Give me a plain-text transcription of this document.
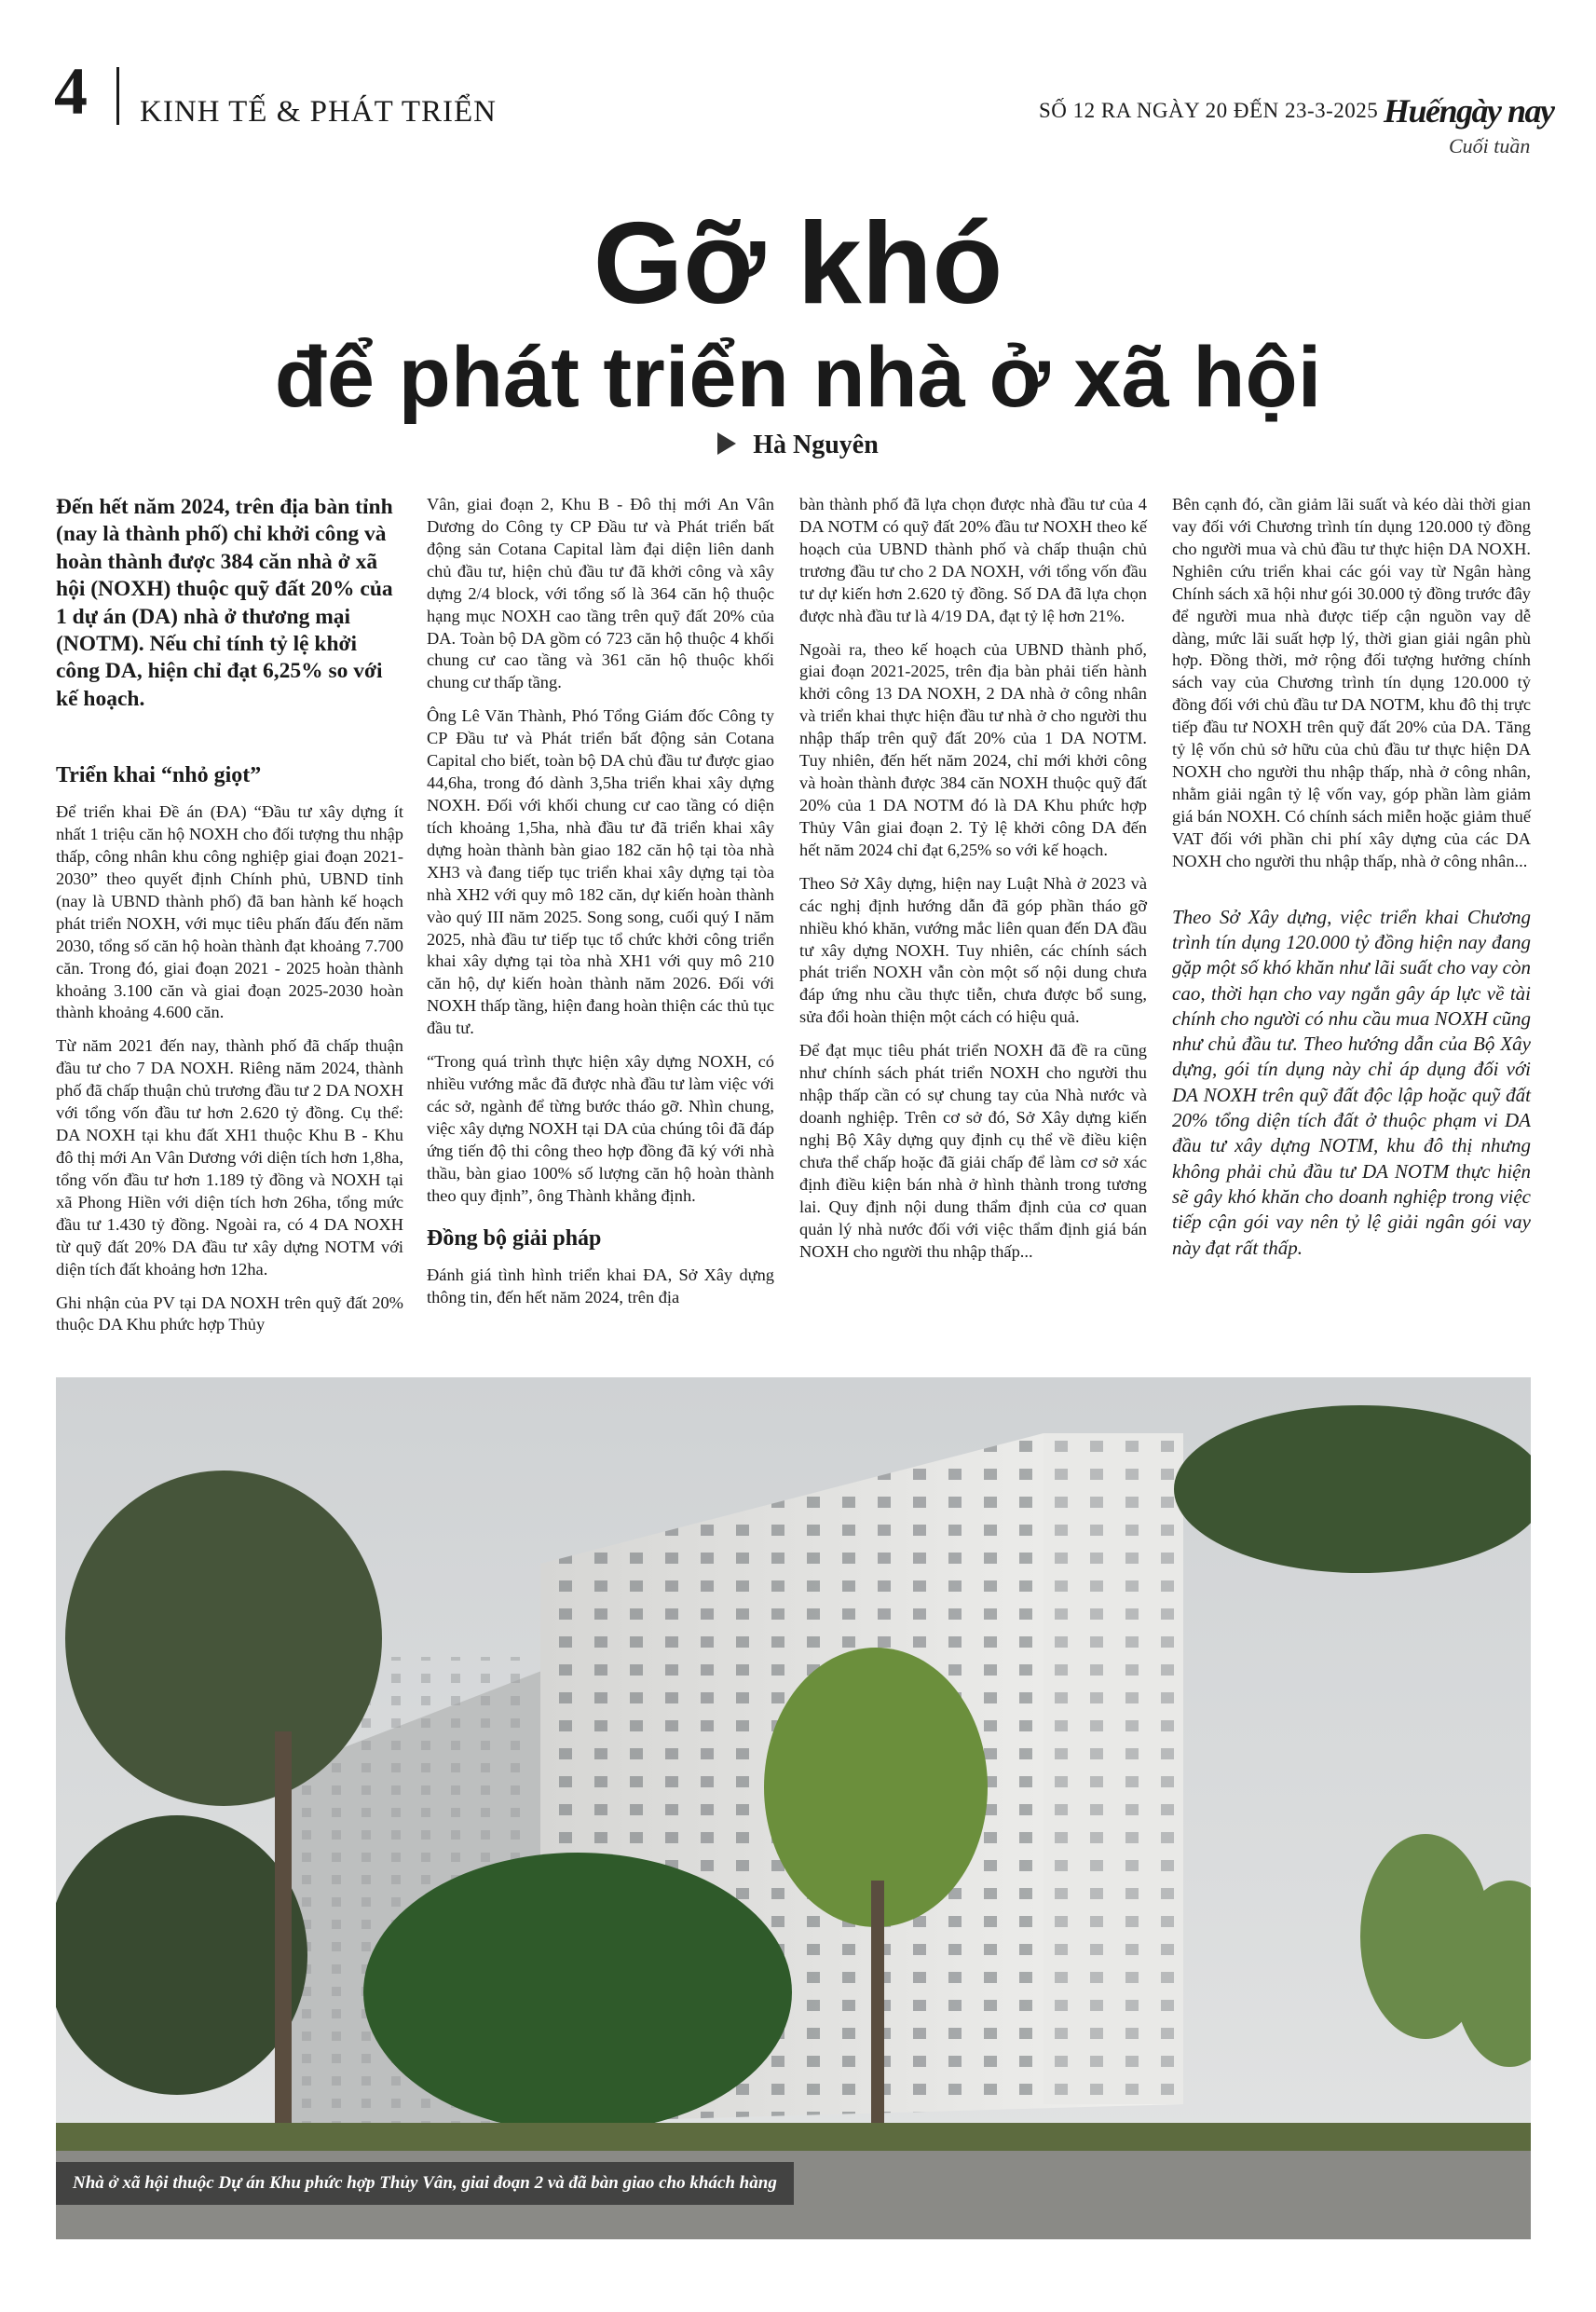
4 KINH TẾ & PHÁT TRIỂN	SỐ 12 RA NGÀY 20 ĐẾN 23-3-2025 Huếngày nay
Cuối tuần
Gỡ khó
để phát triển nhà ở xã hội
Hà Nguyên

Đến hết năm 2024, trên địa bàn tỉnh (nay là thành phố) chỉ khởi công và hoàn thành được 384 căn nhà ở xã hội (NOXH) thuộc quỹ đất 20% của 1 dự án (DA) nhà ở thương mại (NOTM). Nếu chỉ tính tỷ lệ khởi công DA, hiện chỉ đạt 6,25% so với kế hoạch.

Triển khai “nhỏ giọt”

Để triển khai Đề án (ĐA) “Đầu tư xây dựng ít nhất 1 triệu căn hộ NOXH cho đối tượng thu nhập thấp, công nhân khu công nghiệp giai đoạn 2021-2030” theo quyết định Chính phủ, UBND tỉnh (nay là UBND thành phố) đã ban hành kế hoạch phát triển NOXH, với mục tiêu phấn đấu đến năm 2030, tổng số căn hộ hoàn thành đạt khoảng 7.700 căn. Trong đó, giai đoạn 2021 - 2025 hoàn thành khoảng 3.100 căn và giai đoạn 2025-2030 hoàn thành khoảng 4.600 căn.

Từ năm 2021 đến nay, thành phố đã chấp thuận đầu tư cho 7 DA NOXH. Riêng năm 2024, thành phố đã chấp thuận chủ trương đầu tư 2 DA NOXH với tổng vốn đầu tư hơn 2.620 tỷ đồng. Cụ thể: DA NOXH tại khu đất XH1 thuộc Khu B - Khu đô thị mới An Vân Dương với diện tích hơn 1,8ha, tổng vốn đầu tư hơn 1.189 tỷ đồng và NOXH tại xã Phong Hiền với diện tích hơn 26ha, tổng mức đầu tư 1.430 tỷ đồng. Ngoài ra, có 4 DA NOXH từ quỹ đất 20% DA đầu tư xây dựng NOTM với diện tích đất khoảng hơn 12ha.

Ghi nhận của PV tại DA NOXH trên quỹ đất 20% thuộc DA Khu phức hợp Thủy

Vân, giai đoạn 2, Khu B - Đô thị mới An Vân Dương do Công ty CP Đầu tư và Phát triển bất động sản Cotana Capital làm đại diện liên danh chủ đầu tư, hiện chủ đầu tư đã khởi công và xây dựng 2/4 block, với tổng số là 364 căn hộ thuộc hạng mục NOXH cao tầng trên quỹ đất 20% của DA. Toàn bộ DA gồm có 723 căn hộ thuộc 4 khối chung cư cao tầng và 361 căn hộ thuộc khối chung cư thấp tầng.

Ông Lê Văn Thành, Phó Tổng Giám đốc Công ty CP Đầu tư và Phát triển bất động sản Cotana Capital cho biết, toàn bộ DA chủ đầu tư được giao 44,6ha, trong đó dành 3,5ha triển khai xây dựng NOXH. Đối với khối chung cư cao tầng có diện tích khoảng 1,5ha, nhà đầu tư đã triển khai xây dựng hoàn thành bàn giao 182 căn hộ tại tòa nhà XH3 và đang tiếp tục triển khai xây dựng tại tòa nhà XH2 với quy mô 182 căn, dự kiến hoàn thành vào quý III năm 2025. Song song, cuối quý I năm 2025, nhà đầu tư tiếp tục tổ chức khởi công triển khai xây dựng tại tòa nhà XH1 với quy mô 210 căn hộ, dự kiến hoàn thành năm 2026. Đối với NOXH thấp tầng, hiện đang hoàn thiện các thủ tục đầu tư.

“Trong quá trình thực hiện xây dựng NOXH, có nhiều vướng mắc đã được nhà đầu tư làm việc với các sở, ngành để từng bước tháo gỡ. Nhìn chung, việc xây dựng NOXH tại DA của chúng tôi đã đáp ứng tiến độ thi công theo hợp đồng đã ký với nhà thầu, bàn giao 100% số lượng căn hộ hoàn thành theo quy định”, ông Thành khẳng định.

Đồng bộ giải pháp

Đánh giá tình hình triển khai ĐA, Sở Xây dựng thông tin, đến hết năm 2024, trên địa

bàn thành phố đã lựa chọn được nhà đầu tư của 4 DA NOTM có quỹ đất 20% đầu tư NOXH theo kế hoạch của UBND thành phố và chấp thuận chủ trương đầu tư cho 2 DA NOXH, với tổng vốn đầu tư dự kiến hơn 2.620 tỷ đồng. Số DA đã lựa chọn được nhà đầu tư là 4/19 DA, đạt tỷ lệ hơn 21%.

Ngoài ra, theo kế hoạch của UBND thành phố, giai đoạn 2021-2025, trên địa bàn phải tiến hành khởi công 13 DA NOXH, 2 DA nhà ở công nhân và triển khai thực hiện đầu tư nhà ở cho người thu nhập thấp trên quỹ đất 20% của 1 DA NOTM. Tuy nhiên, đến hết năm 2024, chỉ mới khởi công và hoàn thành được 384 căn NOXH thuộc quỹ đất 20% của 1 DA NOTM đó là DA Khu phức hợp Thủy Vân giai đoạn 2. Tỷ lệ khởi công DA đến hết năm 2024 chỉ đạt 6,25% so với kế hoạch.

Theo Sở Xây dựng, hiện nay Luật Nhà ở 2023 và các nghị định hướng dẫn đã góp phần tháo gỡ nhiều khó khăn, vướng mắc liên quan đến DA đầu tư xây dựng NOXH. Tuy nhiên, các chính sách phát triển NOXH vẫn còn một số nội dung chưa đáp ứng nhu cầu thực tiễn, chưa được bổ sung, sửa đổi hoàn thiện một cách có hiệu quả.

Để đạt mục tiêu phát triển NOXH đã đề ra cũng như chính sách phát triển NOXH cho người thu nhập thấp cần có sự chung tay của Nhà nước và doanh nghiệp. Trên cơ sở đó, Sở Xây dựng kiến nghị Bộ Xây dựng quy định cụ thể về điều kiện chưa thể chấp hoặc đã giải chấp để làm cơ sở xác định điều kiện bán nhà ở hình thành trong tương lai. Quy định nội dung thẩm định của cơ quan quản lý nhà nước đối với việc thẩm định giá bán NOXH cho người thu nhập thấp...

Bên cạnh đó, cần giảm lãi suất và kéo dài thời gian vay đối với Chương trình tín dụng 120.000 tỷ đồng cho người mua và chủ đầu tư thực hiện DA NOXH. Nghiên cứu triển khai các gói vay từ Ngân hàng Chính sách xã hội như gói 30.000 tỷ đồng trước đây để người mua nhà được tiếp cận nguồn vay dễ dàng, mức lãi suất hợp lý, thời gian giải ngân phù hợp. Đồng thời, mở rộng đối tượng hưởng chính sách vay của Chương trình tín dụng 120.000 tỷ đồng đối với chủ đầu tư DA NOTM, khu đô thị trực tiếp đầu tư NOXH trên quỹ đất 20% của DA. Tăng tỷ lệ vốn chủ sở hữu của chủ đầu tư thực hiện DA NOXH cho người thu nhập thấp, nhà ở công nhân, nhằm giải ngân tỷ lệ vốn vay, góp phần làm giảm giá bán NOXH. Có chính sách miễn hoặc giảm thuế VAT đối với phần chi phí xây dựng của các DA NOXH cho người thu nhập thấp, nhà ở công nhân...

Theo Sở Xây dựng, việc triển khai Chương trình tín dụng 120.000 tỷ đồng hiện nay đang gặp một số khó khăn như lãi suất cho vay còn cao, thời hạn cho vay ngắn gây áp lực về tài chính cho người có nhu cầu mua NOXH cũng như chủ đầu tư. Theo hướng dẫn của Bộ Xây dựng, gói tín dụng này chỉ áp dụng đối với DA NOXH trên quỹ đất độc lập hoặc quỹ đất 20% tổng diện tích đất ở thuộc phạm vi DA đầu tư xây dựng NOTM, khu đô thị nhưng không phải chủ đầu tư DA NOTM thực hiện sẽ gây khó khăn cho doanh nghiệp trong việc tiếp cận gói vay nên tỷ lệ giải ngân gói vay này đạt rất thấp.

Nhà ở xã hội thuộc Dự án Khu phức hợp Thủy Vân, giai đoạn 2 và đã bàn giao cho khách hàng
